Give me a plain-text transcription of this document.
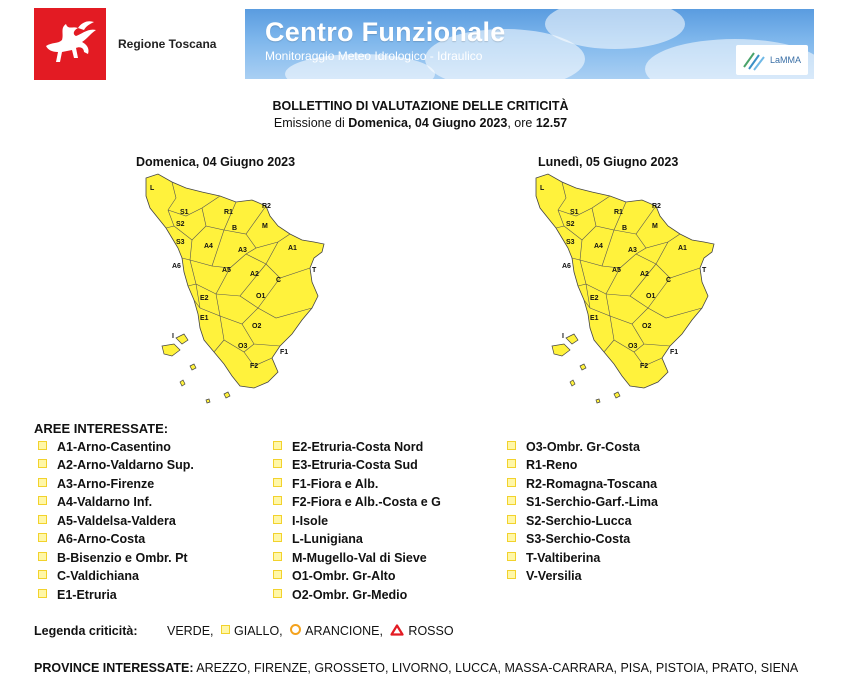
Regione Toscana Centro Funzionale
Monitoraggio Meteo Idrologico - Idraulico	LaMMA
BOLLETTINO DI VALUTAZIONE DELLE CRITICITÀ
Emissione di Domenica, 04 Giugno 2023, ore 12.57
Domenica, 04 Giugno 2023	Lunedì, 05 Giugno 2023
L
S1	R1
R2
S2
B	M
S3
A4
A3	A1
A6
A5
A2
T
E2
C
O1
E1
I
O2
O3
F1
F2
L
S1	R1
R2
S2
B	M
S3
A4
A3	A1
A6
A5
A2
T
E2
C
O1
E1
I
O2
O3
F1
F2
AREE INTERESSATE:
A1-Arno-Casentino
A2-Arno-Valdarno Sup.
A3-Arno-Firenze
A4-Valdarno Inf.
A5-Valdelsa-Valdera
A6-Arno-Costa
B-Bisenzio e Ombr. Pt
C-Valdichiana
E1-Etruria
E2-Etruria-Costa Nord
E3-Etruria-Costa Sud
F1-Fiora e Alb.
F2-Fiora e Alb.-Costa e G
I-Isole
L-Lunigiana
M-Mugello-Val di Sieve
O1-Ombr. Gr-Alto
O2-Ombr. Gr-Medio
O3-Ombr. Gr-Costa
R1-Reno
R2-Romagna-Toscana
S1-Serchio-Garf.-Lima
S2-Serchio-Lucca
S3-Serchio-Costa
T-Valtiberina
V-Versilia
Legenda criticità: VERDE, GIALLO, ARANCIONE, ROSSO
PROVINCE INTERESSATE: AREZZO, FIRENZE, GROSSETO, LIVORNO, LUCCA, MASSA-CARRARA, PISA, PISTOIA, PRATO, SIENA
